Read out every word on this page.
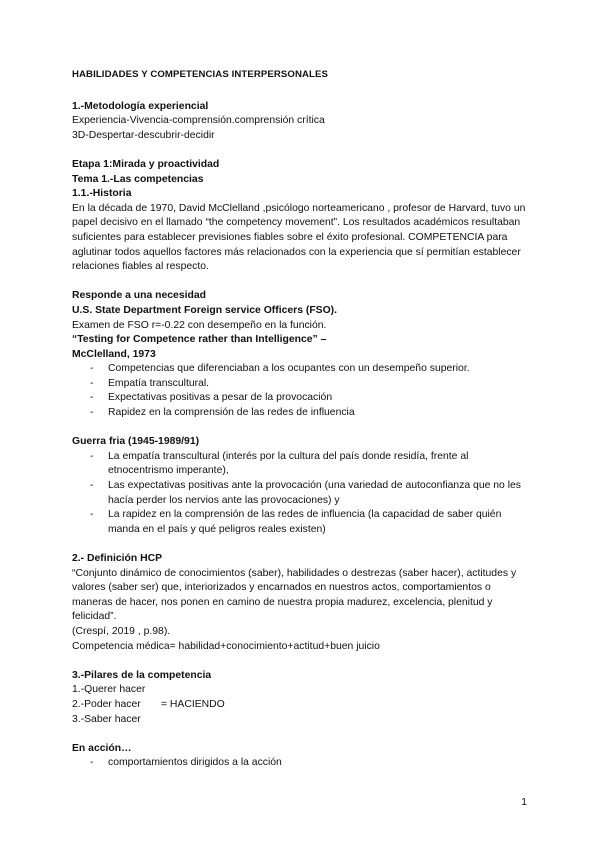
HABILIDADES Y COMPETENCIAS INTERPERSONALES
1.-Metodología experiencial
Experiencia-Vivencia-comprensión.comprensión crítica
3D-Despertar-descubrir-decidir
Etapa 1:Mirada y proactividad
Tema 1.-Las competencias
1.1.-Historia
En la década de 1970, David McClelland ,psicólogo norteamericano , profesor de Harvard, tuvo un papel decisivo en el llamado “the competency movement”. Los resultados académicos resultaban suficientes para establecer previsiones fiables sobre el éxito profesional. COMPETENCIA para aglutinar todos aquellos factores más relacionados con la experiencia que sí permitían establecer relaciones fiables al respecto.
Responde a una necesidad
U.S. State Department Foreign service Officers (FSO).
Examen de FSO r=-0.22 con desempeño en la función.
“Testing for Competence rather than Intelligence” –
McClelland, 1973
- Competencias que diferenciaban a los ocupantes con un desempeño superior.
- Empatía transcultural.
- Expectativas positivas a pesar de la provocación
- Rapidez en la comprensión de las redes de influencia
Guerra fria (1945-1989/91)
- La empatía transcultural (interés por la cultura del país donde residía, frente al etnocentrismo imperante),
- Las expectativas positivas ante la provocación (una variedad de autoconfianza que no les hacía perder los nervios ante las provocaciones) y
- La rapidez en la comprensión de las redes de influencia (la capacidad de saber quién manda en el país y qué peligros reales existen)
2.- Definición HCP
“Conjunto dinámico de conocimientos (saber), habilidades o destrezas (saber hacer), actitudes y valores (saber ser) que, interiorizados y encarnados en nuestros actos, comportamientos o maneras de hacer, nos ponen en camino de nuestra propia madurez, excelencia, plenitud y felicidad”.
(Crespí, 2019 , p.98).
Competencia médica= habilidad+conocimiento+actitud+buen juicio
3.-Pilares de la competencia
1.-Querer hacer
2.-Poder hacer       = HACIENDO
3.-Saber hacer
En acción…
- comportamientos dirigidos a la acción
1
